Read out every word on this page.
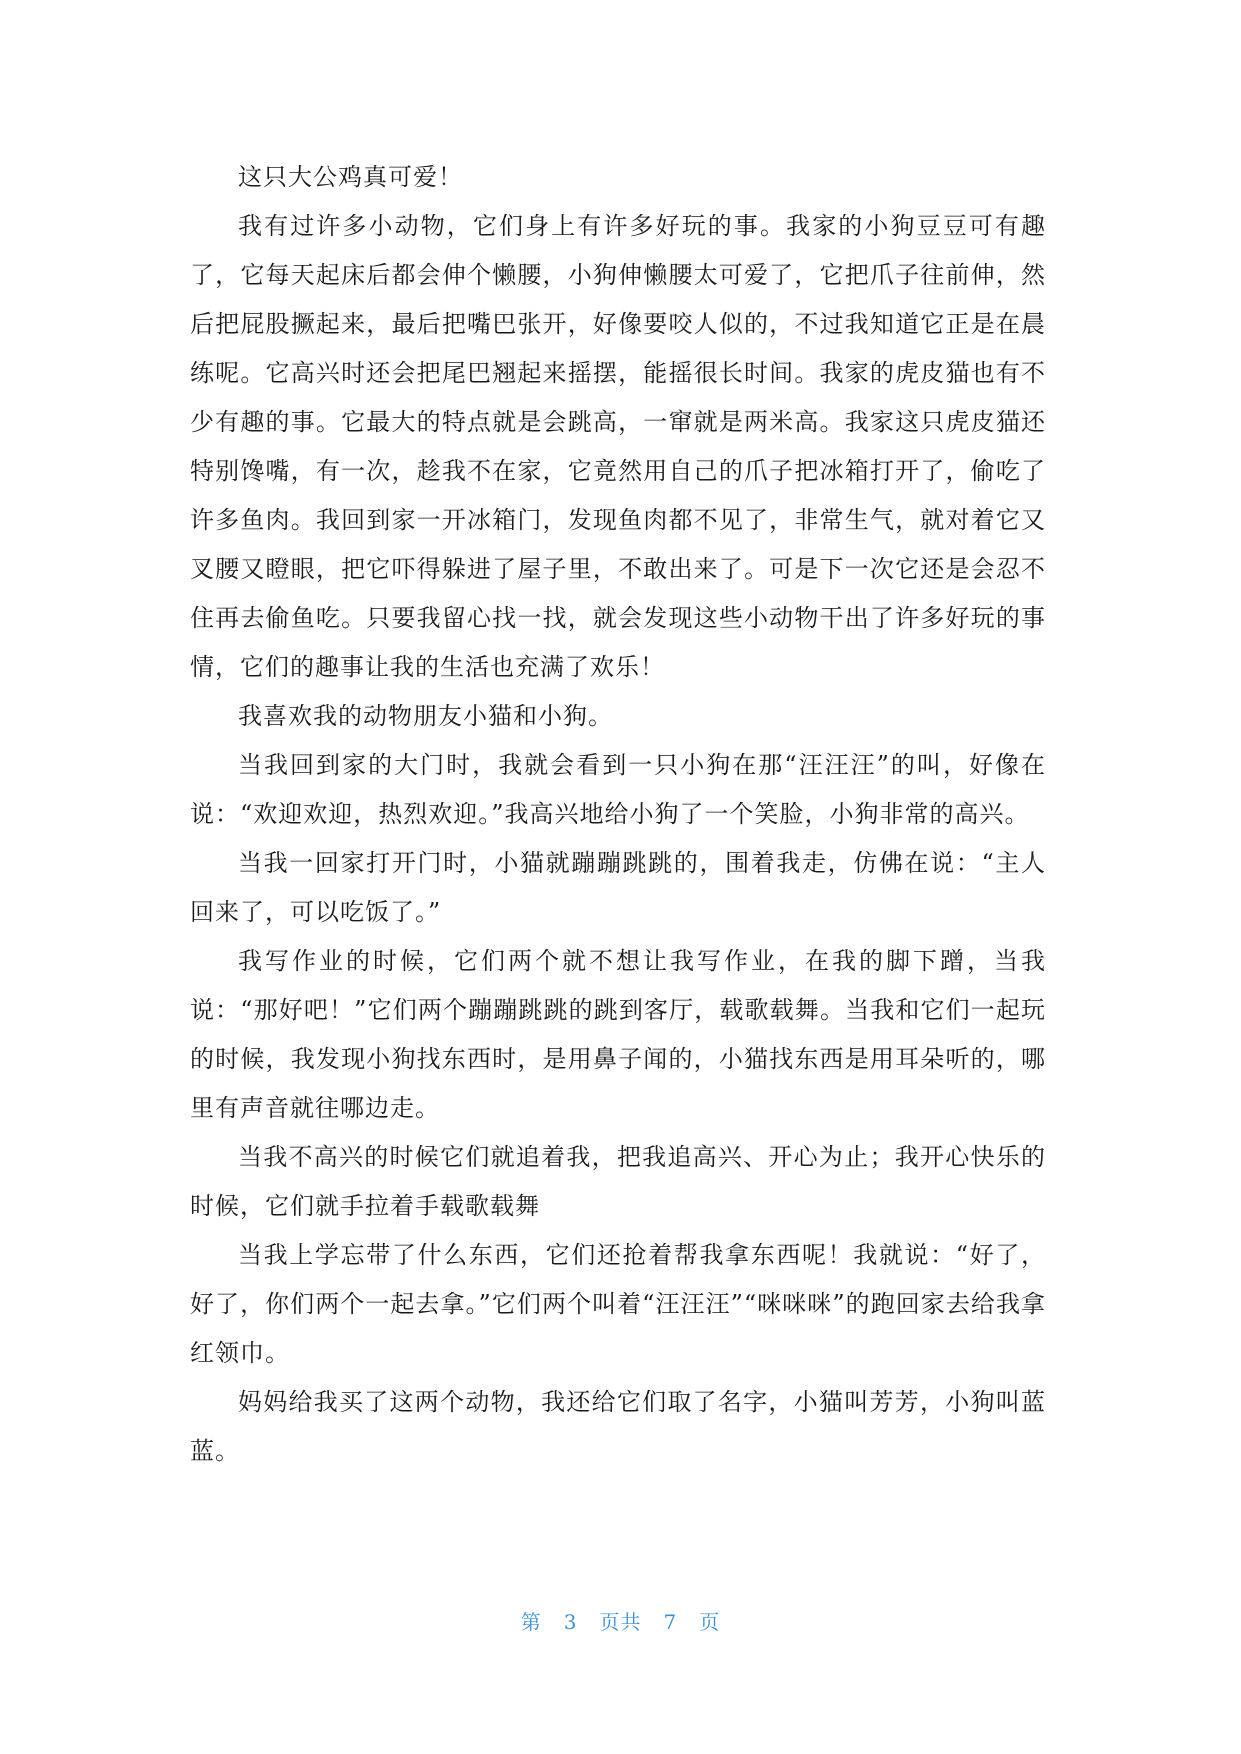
这只大公鸡真可爱！

我有过许多小动物，它们身上有许多好玩的事。我家的小狗豆豆可有趣了，它每天起床后都会伸个懒腰，小狗伸懒腰太可爱了，它把爪子往前伸，然后把屁股撅起来，最后把嘴巴张开，好像要咬人似的，不过我知道它正是在晨练呢。它高兴时还会把尾巴翘起来摇摆，能摇很长时间。我家的虎皮猫也有不少有趣的事。它最大的特点就是会跳高，一窜就是两米高。我家这只虎皮猫还特别馋嘴，有一次，趁我不在家，它竟然用自己的爪子把冰箱打开了，偷吃了许多鱼肉。我回到家一开冰箱门，发现鱼肉都不见了，非常生气，就对着它又叉腰又瞪眼，把它吓得躲进了屋子里，不敢出来了。可是下一次它还是会忍不住再去偷鱼吃。只要我留心找一找，就会发现这些小动物干出了许多好玩的事情，它们的趣事让我的生活也充满了欢乐！

我喜欢我的动物朋友小猫和小狗。

当我回到家的大门时，我就会看到一只小狗在那“汪汪汪”的叫，好像在说：“欢迎欢迎，热烈欢迎。”我高兴地给小狗了一个笑脸，小狗非常的高兴。

当我一回家打开门时，小猫就蹦蹦跳跳的，围着我走，仿佛在说：“主人回来了，可以吃饭了。”

我写作业的时候，它们两个就不想让我写作业，在我的脚下蹭，当我说：“那好吧！”它们两个蹦蹦跳跳的跳到客厅，载歌载舞。当我和它们一起玩的时候，我发现小狗找东西时，是用鼻子闻的，小猫找东西是用耳朵听的，哪里有声音就往哪边走。

当我不高兴的时候它们就追着我，把我追高兴、开心为止；我开心快乐的时候，它们就手拉着手载歌载舞

当我上学忘带了什么东西，它们还抢着帮我拿东西呢！我就说：“好了，好了，你们两个一起去拿。”它们两个叫着“汪汪汪”“咪咪咪”的跑回家去给我拿红领巾。

妈妈给我买了这两个动物，我还给它们取了名字，小猫叫芳芳，小狗叫蓝蓝。

第 3 页共 7 页
